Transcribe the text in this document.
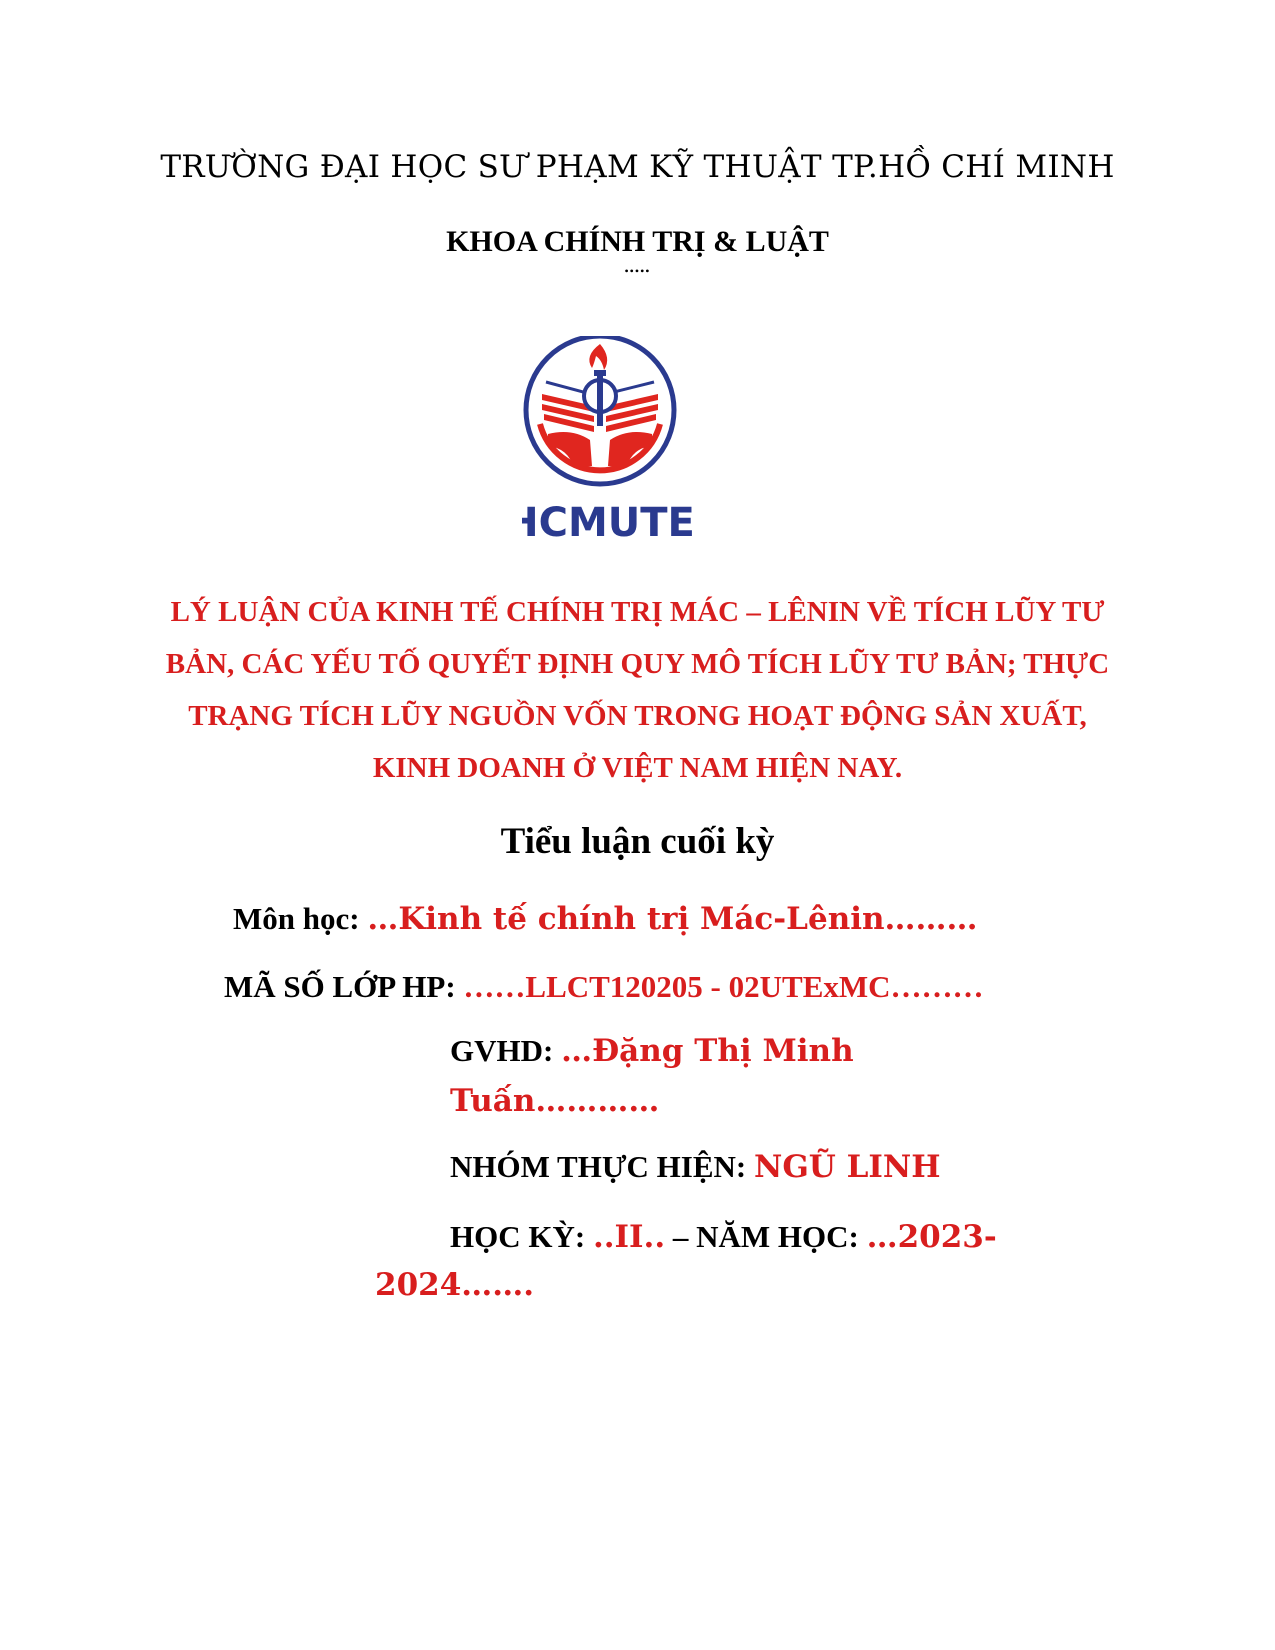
TRƯỜNG ĐẠI HỌC SƯ PHẠM KỸ THUẬT TP.HỒ CHÍ MINH
KHOA CHÍNH TRỊ & LUẬT
•••••
HCMUTE
LÝ LUẬN CỦA KINH TẾ CHÍNH TRỊ MÁC – LÊNIN VỀ TÍCH LŨY TƯ
BẢN, CÁC YẾU TỐ QUYẾT ĐỊNH QUY MÔ TÍCH LŨY TƯ BẢN; THỰC
TRẠNG TÍCH LŨY NGUỒN VỐN TRONG HOẠT ĐỘNG SẢN XUẤT,
KINH DOANH Ở VIỆT NAM HIỆN NAY.
Tiểu luận cuối kỳ
Môn học: …Kinh tế chính trị Mác-Lênin………
MÃ SỐ LỚP HP: ……LLCT120205 - 02UTExMC………
GVHD: …Đặng Thị Minh
Tuấn…………
NHÓM THỰC HIỆN: NGŨ LINH
HỌC KỲ: ..II.. – NĂM HỌC: …2023-
2024…….
